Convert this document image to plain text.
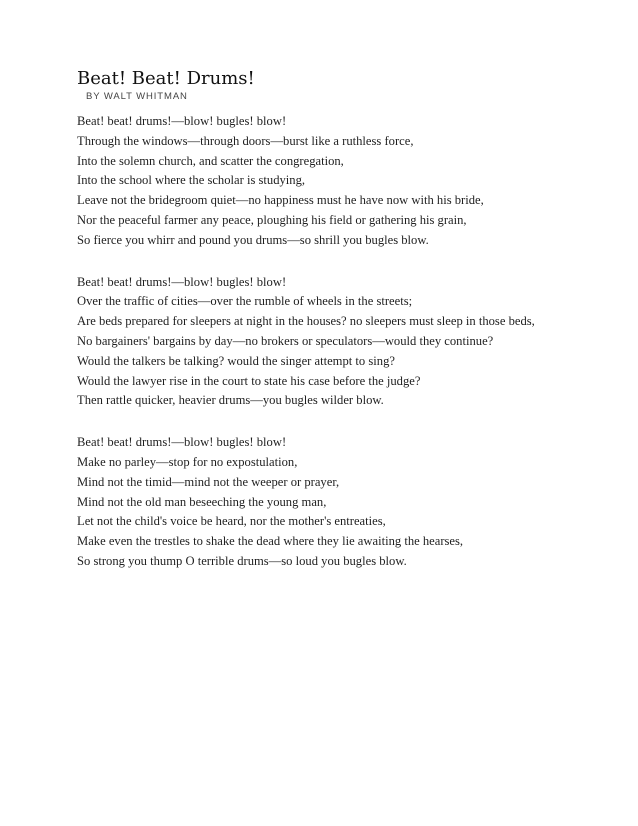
Beat! Beat! Drums!
BY WALT WHITMAN
Beat! beat! drums!—blow! bugles! blow!
Through the windows—through doors—burst like a ruthless force,
Into the solemn church, and scatter the congregation,
Into the school where the scholar is studying,
Leave not the bridegroom quiet—no happiness must he have now with his bride,
Nor the peaceful farmer any peace, ploughing his field or gathering his grain,
So fierce you whirr and pound you drums—so shrill you bugles blow.
Beat! beat! drums!—blow! bugles! blow!
Over the traffic of cities—over the rumble of wheels in the streets;
Are beds prepared for sleepers at night in the houses? no sleepers must sleep in those beds,
No bargainers' bargains by day—no brokers or speculators—would they continue?
Would the talkers be talking? would the singer attempt to sing?
Would the lawyer rise in the court to state his case before the judge?
Then rattle quicker, heavier drums—you bugles wilder blow.
Beat! beat! drums!—blow! bugles! blow!
Make no parley—stop for no expostulation,
Mind not the timid—mind not the weeper or prayer,
Mind not the old man beseeching the young man,
Let not the child's voice be heard, nor the mother's entreaties,
Make even the trestles to shake the dead where they lie awaiting the hearses,
So strong you thump O terrible drums—so loud you bugles blow.
